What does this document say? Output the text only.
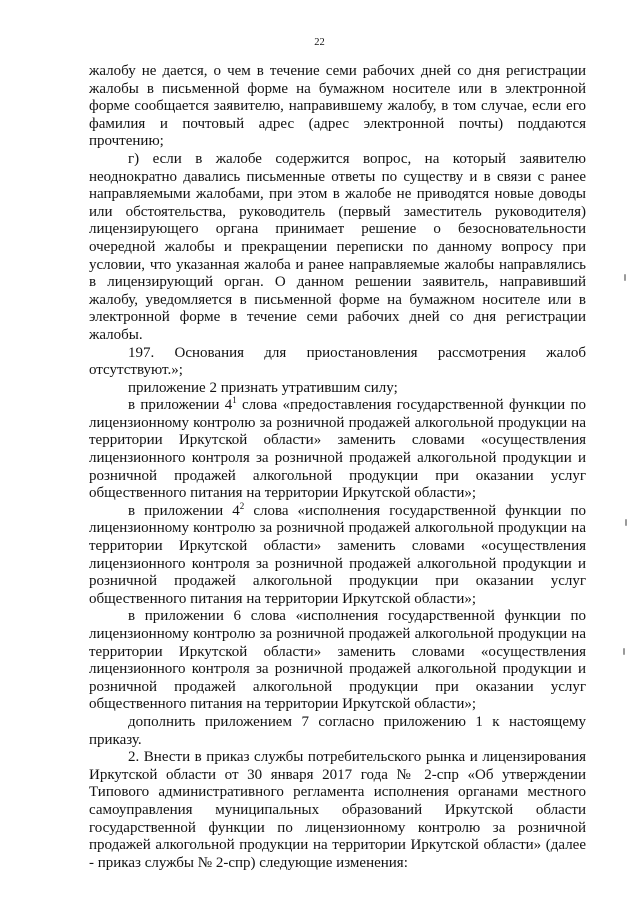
22

жалобу не дается, о чем в течение семи рабочих дней со дня регистрации жалобы в письменной форме на бумажном носителе или в электронной форме сообщается заявителю, направившему жалобу, в том случае, если его фамилия и почтовый адрес (адрес электронной почты) поддаются прочтению;

г) если в жалобе содержится вопрос, на который заявителю неоднократно давались письменные ответы по существу и в связи с ранее направляемыми жалобами, при этом в жалобе не приводятся новые доводы или обстоятельства, руководитель (первый заместитель руководителя) лицензирующего органа принимает решение о безосновательности очередной жалобы и прекращении переписки по данному вопросу при условии, что указанная жалоба и ранее направляемые жалобы направлялись в лицензирующий орган. О данном решении заявитель, направивший жалобу, уведомляется в письменной форме на бумажном носителе или в электронной форме в течение семи рабочих дней со дня регистрации жалобы.

197. Основания для приостановления рассмотрения жалоб отсутствуют.»;

приложение 2 признать утратившим силу;

в приложении $4^1$ слова «предоставления государственной функции по лицензионному контролю за розничной продажей алкогольной продукции на территории Иркутской области» заменить словами «осуществления лицензионного контроля за розничной продажей алкогольной продукции и розничной продажей алкогольной продукции при оказании услуг общественного питания на территории Иркутской области»;

в приложении $4^2$ слова «исполнения государственной функции по лицензионному контролю за розничной продажей алкогольной продукции на территории Иркутской области» заменить словами «осуществления лицензионного контроля за розничной продажей алкогольной продукции и розничной продажей алкогольной продукции при оказании услуг общественного питания на территории Иркутской области»;

в приложении 6 слова «исполнения государственной функции по лицензионному контролю за розничной продажей алкогольной продукции на территории Иркутской области» заменить словами «осуществления лицензионного контроля за розничной продажей алкогольной продукции и розничной продажей алкогольной продукции при оказании услуг общественного питания на территории Иркутской области»;

дополнить приложением 7 согласно приложению 1 к настоящему приказу.

2. Внести в приказ службы потребительского рынка и лицензирования Иркутской области от 30 января 2017 года № 2-спр «Об утверждении Типового административного регламента исполнения органами местного самоуправления муниципальных образований Иркутской области государственной функции по лицензионному контролю за розничной продажей алкогольной продукции на территории Иркутской области» (далее - приказ службы № 2-спр) следующие изменения:
